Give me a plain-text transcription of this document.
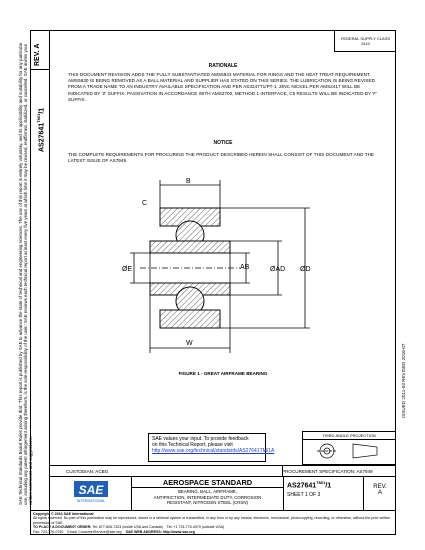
REV. A
$AS27641^{TM/1}/1$
SAE Technical Standards Board Rules provide that: 'This report is published by SAE to advance the state of technical and engineering sciences. The use of this report is entirely voluntary, and its applicability and suitability for any particular use, including any patent infringement arising therefrom, is the sole responsibility of the user.' SAE reviews each technical report at least every five years at which time it may be revised, reaffirmed, stabilized, or cancelled. SAE invites your written comments and suggestions.
FEDERAL SUPPLY CLASS
3110
RATIONALE
THIS DOCUMENT REVISION ADDS THE FULLY SUBSTANTIATED AMS5643 MATERIAL FOR RINGS AND THE HEAT TREAT REQUIREMENT. AMS5630 IS BEING REMOVED AS A BALL MATERIAL AND SUPPLIER HAS STATED ON THIS SERIES. THE LUBRICATION IS BEING REVISED FROM A TRADE NAME TO AN INDUSTRY AVAILABLE SPECIFICATION AND PER AS3247T1/PT-1. ZINC NICKEL PER AMS2417 WILL BE INDICATED BY 'Z' SUFFIX. PASSIVATION IN ACCORDANCE WITH AMS2700, METHOD 1 INTERFACE, C5 RESULTS WILL BE INDICATED BY 'F' SUFFIX.
NOTICE
THE COMPLETE REQUIREMENTS FOR PROCURING THE PRODUCT DESCRIBED HEREIN SHALL CONSIST OF THIS DOCUMENT AND THE LATEST ISSUE OF AS7949.
B
C
ØD
ØE	AB	ØAD
W
FIGURE 1 - GREAT AIRFRAME BEARING	ISSUED 2011-03 REVISED 2016-07
SAE values your input. To provide feedback
on this Technical Report, please visit
http://www.sae.org/technical/standards/AS27641TM/1A
THIRD ANGLE PROJECTION
CUSTODIAN: ACBG	PROCUREMENT SPECIFICATION: AS7949
SAE
INTERNATIONAL
AEROSPACE STANDARD
BEARING, BALL, AIRFRAME,
ANTIFRICTION, INTERMEDIATE DUTY, CORROSION
RESISTANT, NITROGEN STEEL (CRSN)
$AS27641^{TM/1}/1$
SHEET 1 OF 3
REV.
A
Copyright © 2016 SAE International
All rights reserved. No part of this publication may be reproduced, stored in a retrieval system or transmitted, in any form or by any means, electronic, mechanical, photocopying, recording, or otherwise, without the prior written permission of SAE.
TO PLACE A DOCUMENT ORDER: Tel: 877-606-7323 (inside USA and Canada) Tel: +1 724-776-4970 (outside USA)
Fax: 724-776-0790 Email: CustomerService@sae.org SAE WEB ADDRESS: http://www.sae.org
